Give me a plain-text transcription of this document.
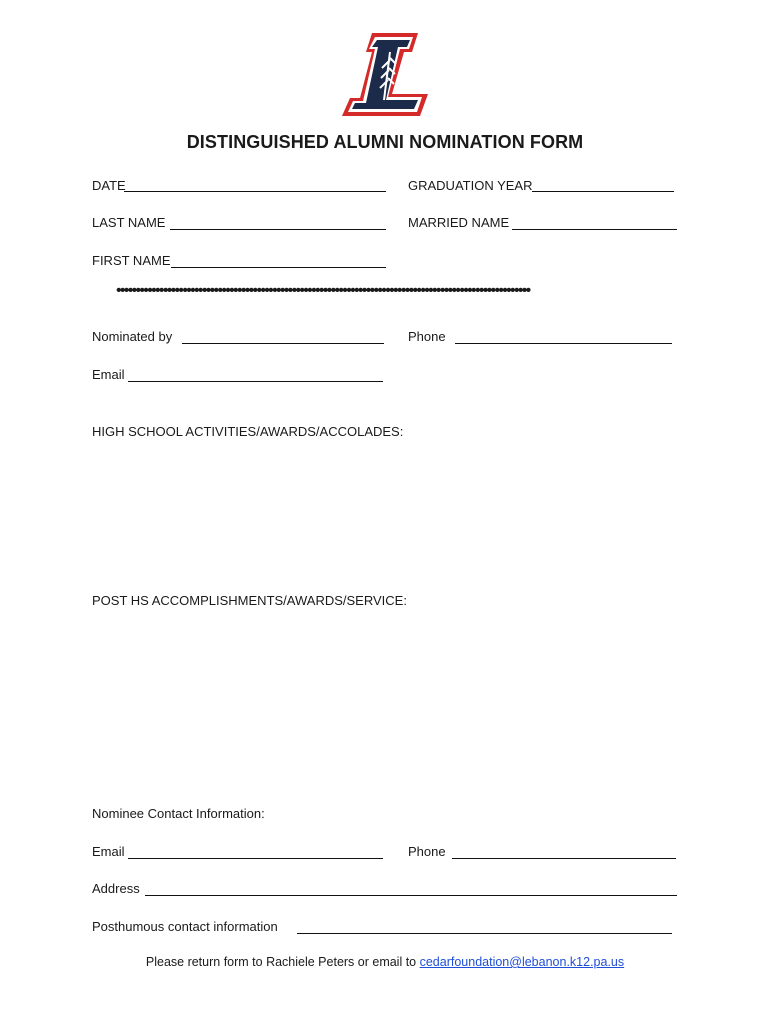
DISTINGUISHED ALUMNI NOMINATION FORM
DATE	GRADUATION YEAR
LAST NAME	MARRIED NAME
FIRST NAME
••••••••••••••••••••••••••••••••••••••••••••••••••••••••••••••••••••••••••••••••••••••••••••••••••••••••••
Nominated by	Phone
Email
HIGH SCHOOL ACTIVITIES/AWARDS/ACCOLADES:
POST HS ACCOMPLISHMENTS/AWARDS/SERVICE:
Nominee Contact Information:
Email	Phone
Address
Posthumous contact information
Please return form to Rachiele Peters or email to cedarfoundation@lebanon.k12.pa.us
